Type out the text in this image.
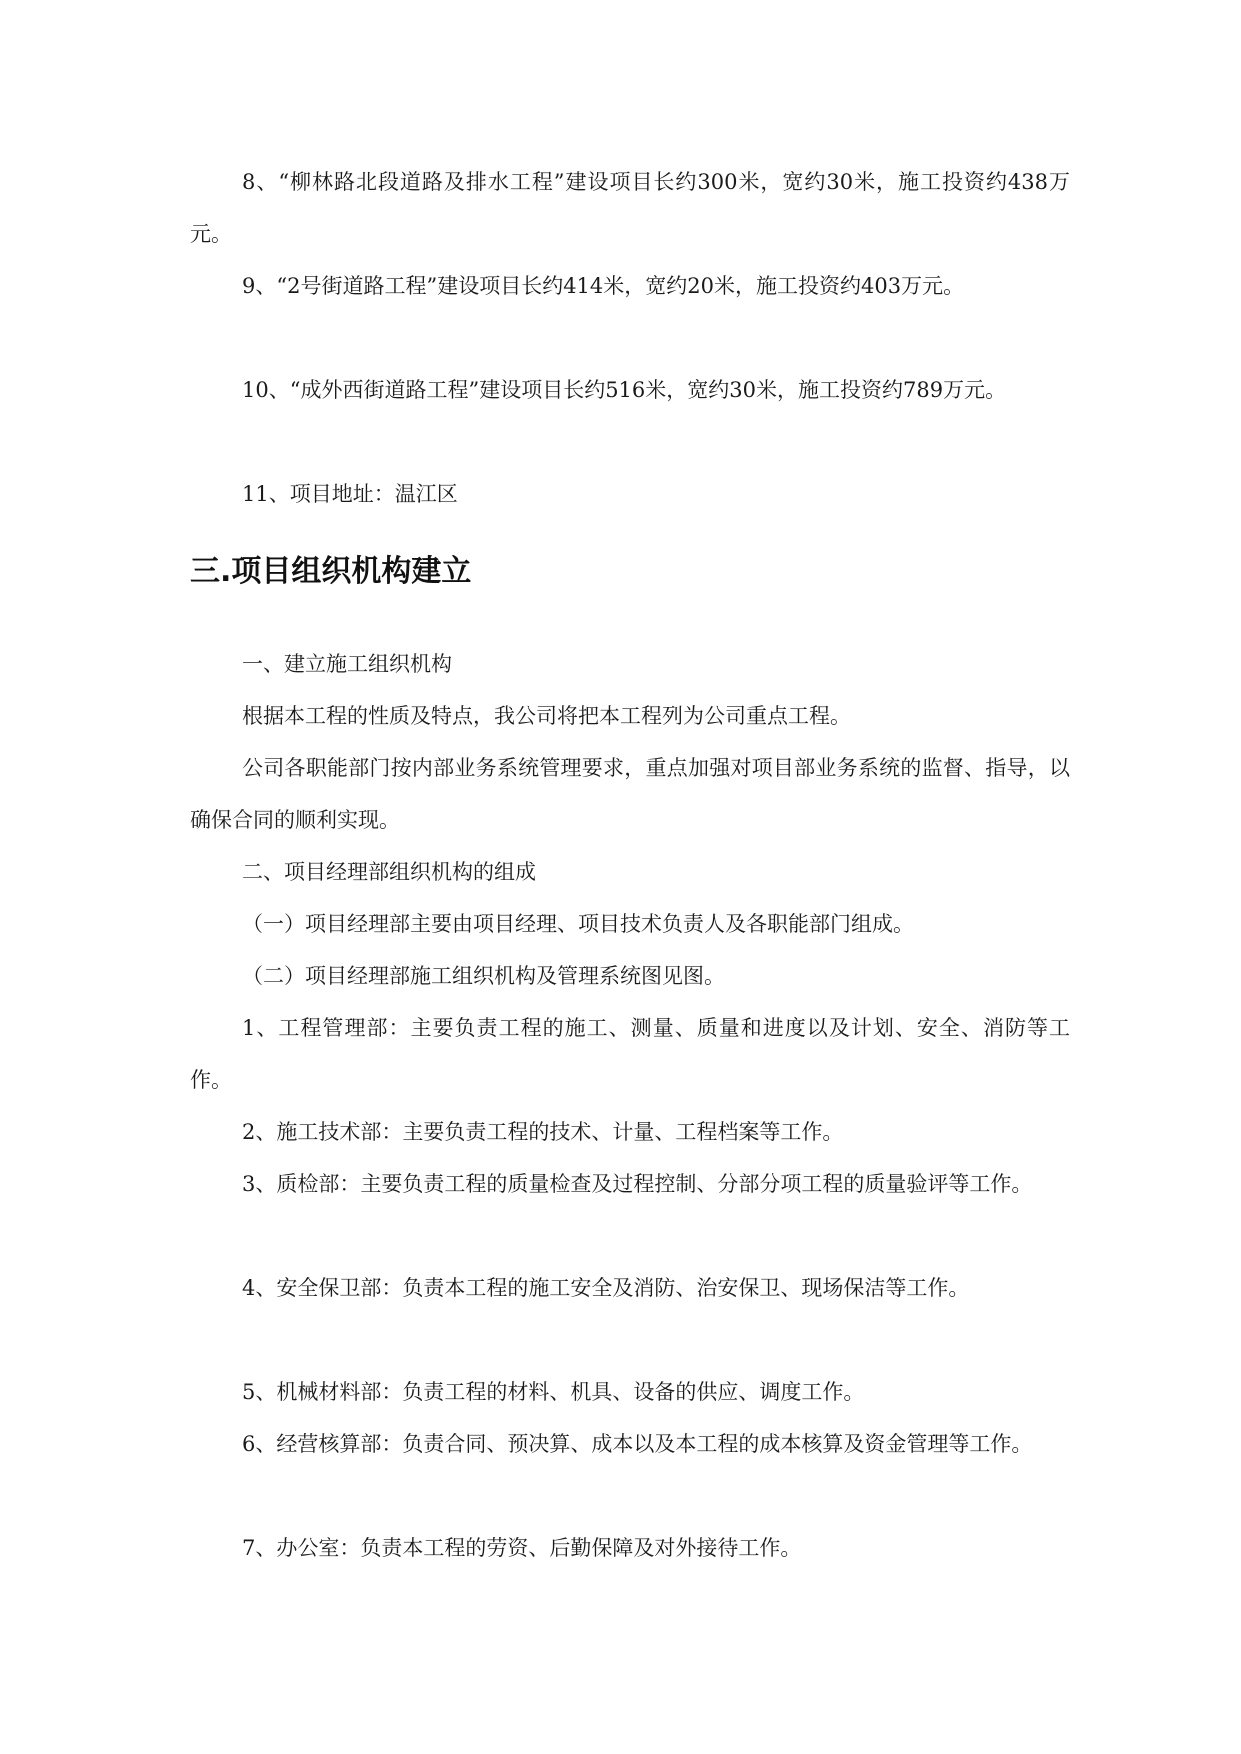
8、“柳林路北段道路及排水工程”建设项目长约300米，宽约30米，施工投资约438万元。

9、“2号街道路工程”建设项目长约414米，宽约20米，施工投资约403万元。

10、“成外西街道路工程”建设项目长约516米，宽约30米，施工投资约789万元。

11、项目地址：温江区

三.项目组织机构建立

一、建立施工组织机构

根据本工程的性质及特点，我公司将把本工程列为公司重点工程。

公司各职能部门按内部业务系统管理要求，重点加强对项目部业务系统的监督、指导，以确保合同的顺利实现。

二、项目经理部组织机构的组成

（一）项目经理部主要由项目经理、项目技术负责人及各职能部门组成。

（二）项目经理部施工组织机构及管理系统图见图。

1、工程管理部：主要负责工程的施工、测量、质量和进度以及计划、安全、消防等工作。

2、施工技术部：主要负责工程的技术、计量、工程档案等工作。

3、质检部：主要负责工程的质量检查及过程控制、分部分项工程的质量验评等工作。

4、安全保卫部：负责本工程的施工安全及消防、治安保卫、现场保洁等工作。

5、机械材料部：负责工程的材料、机具、设备的供应、调度工作。

6、经营核算部：负责合同、预决算、成本以及本工程的成本核算及资金管理等工作。

7、办公室：负责本工程的劳资、后勤保障及对外接待工作。
